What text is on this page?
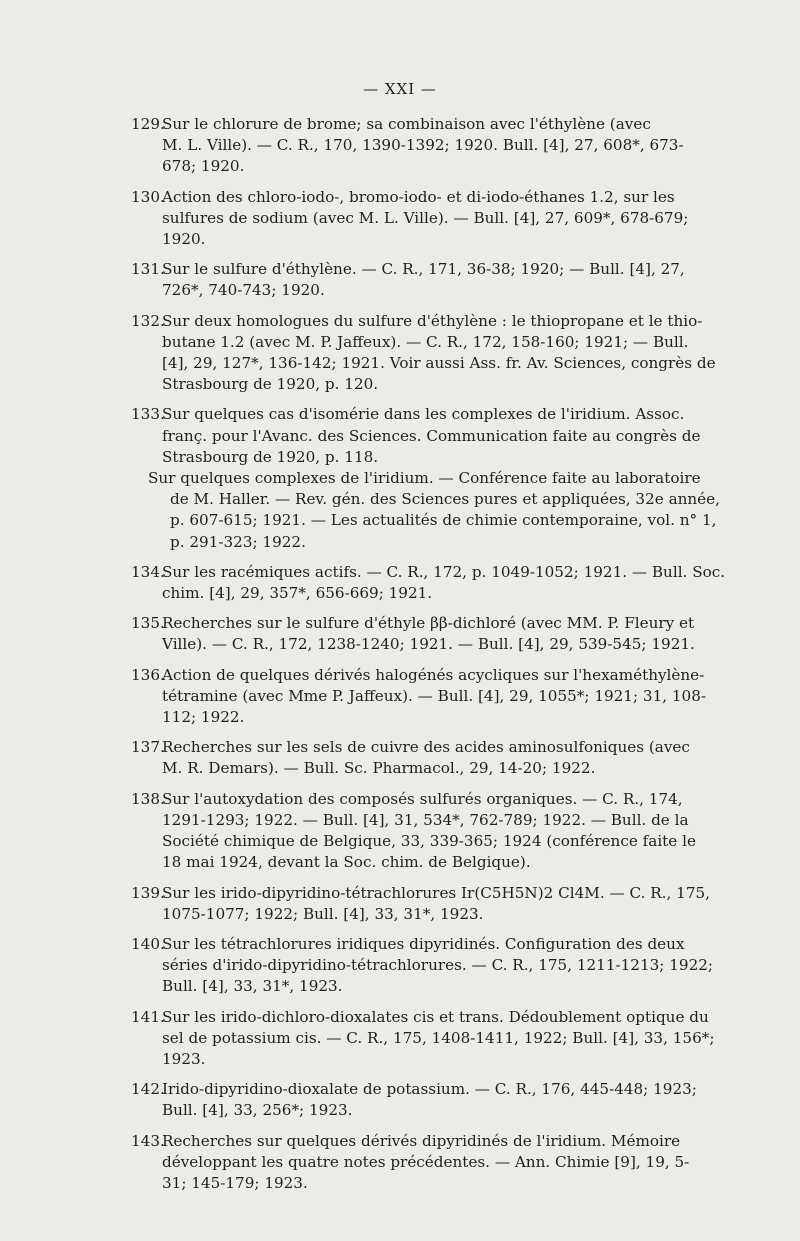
— XXI —
129.
Sur le chlorure de brome; sa combinaison avec l'éthylène (avec
M. L. Ville). — C. R., 170, 1390-1392; 1920. Bull. [4], 27, 608*, 673-
678; 1920.
130.
Action des chloro-iodo-, bromo-iodo- et di-iodo-éthanes 1.2, sur les
sulfures de sodium (avec M. L. Ville). — Bull. [4], 27, 609*, 678-679;
1920.
131.
Sur le sulfure d'éthylène. — C. R., 171, 36-38; 1920; — Bull. [4], 27,
726*, 740-743; 1920.
132.
Sur deux homologues du sulfure d'éthylène : le thiopropane et le thio-
butane 1.2 (avec M. P. Jaffeux). — C. R., 172, 158-160; 1921; — Bull.
[4], 29, 127*, 136-142; 1921. Voir aussi Ass. fr. Av. Sciences, congrès de
Strasbourg de 1920, p. 120.
133.
Sur quelques cas d'isomérie dans les complexes de l'iridium. Assoc.
franç. pour l'Avanc. des Sciences. Communication faite au congrès de
Strasbourg de 1920, p. 118.
Sur quelques complexes de l'iridium. — Conférence faite au laboratoire
de M. Haller. — Rev. gén. des Sciences pures et appliquées, 32e année,
p. 607-615; 1921. — Les actualités de chimie contemporaine, vol. n° 1,
p. 291-323; 1922.
134.
Sur les racémiques actifs. — C. R., 172, p. 1049-1052; 1921. — Bull. Soc.
chim. [4], 29, 357*, 656-669; 1921.
135.
Recherches sur le sulfure d'éthyle ββ-dichloré (avec MM. P. Fleury et
Ville). — C. R., 172, 1238-1240; 1921. — Bull. [4], 29, 539-545; 1921.
136.
Action de quelques dérivés halogénés acycliques sur l'hexaméthylène-
tétramine (avec Mme P. Jaffeux). — Bull. [4], 29, 1055*; 1921; 31, 108-
112; 1922.
137.
Recherches sur les sels de cuivre des acides aminosulfoniques (avec
M. R. Demars). — Bull. Sc. Pharmacol., 29, 14-20; 1922.
138.
Sur l'autoxydation des composés sulfurés organiques. — C. R., 174,
1291-1293; 1922. — Bull. [4], 31, 534*, 762-789; 1922. — Bull. de la
Société chimique de Belgique, 33, 339-365; 1924 (conférence faite le
18 mai 1924, devant la Soc. chim. de Belgique).
139.
Sur les irido-dipyridino-tétrachlorures Ir(C5H5N)2 Cl4M. — C. R., 175,
1075-1077; 1922; Bull. [4], 33, 31*, 1923.
140.
Sur les tétrachlorures iridiques dipyridinés. Configuration des deux
séries d'irido-dipyridino-tétrachlorures. — C. R., 175, 1211-1213; 1922;
Bull. [4], 33, 31*, 1923.
141.
Sur les irido-dichloro-dioxalates cis et trans. Dédoublement optique du
sel de potassium cis. — C. R., 175, 1408-1411, 1922; Bull. [4], 33, 156*;
1923.
142.
Irido-dipyridino-dioxalate de potassium. — C. R., 176, 445-448; 1923;
Bull. [4], 33, 256*; 1923.
143.
Recherches sur quelques dérivés dipyridinés de l'iridium. Mémoire
développant les quatre notes précédentes. — Ann. Chimie [9], 19, 5-
31; 145-179; 1923.
